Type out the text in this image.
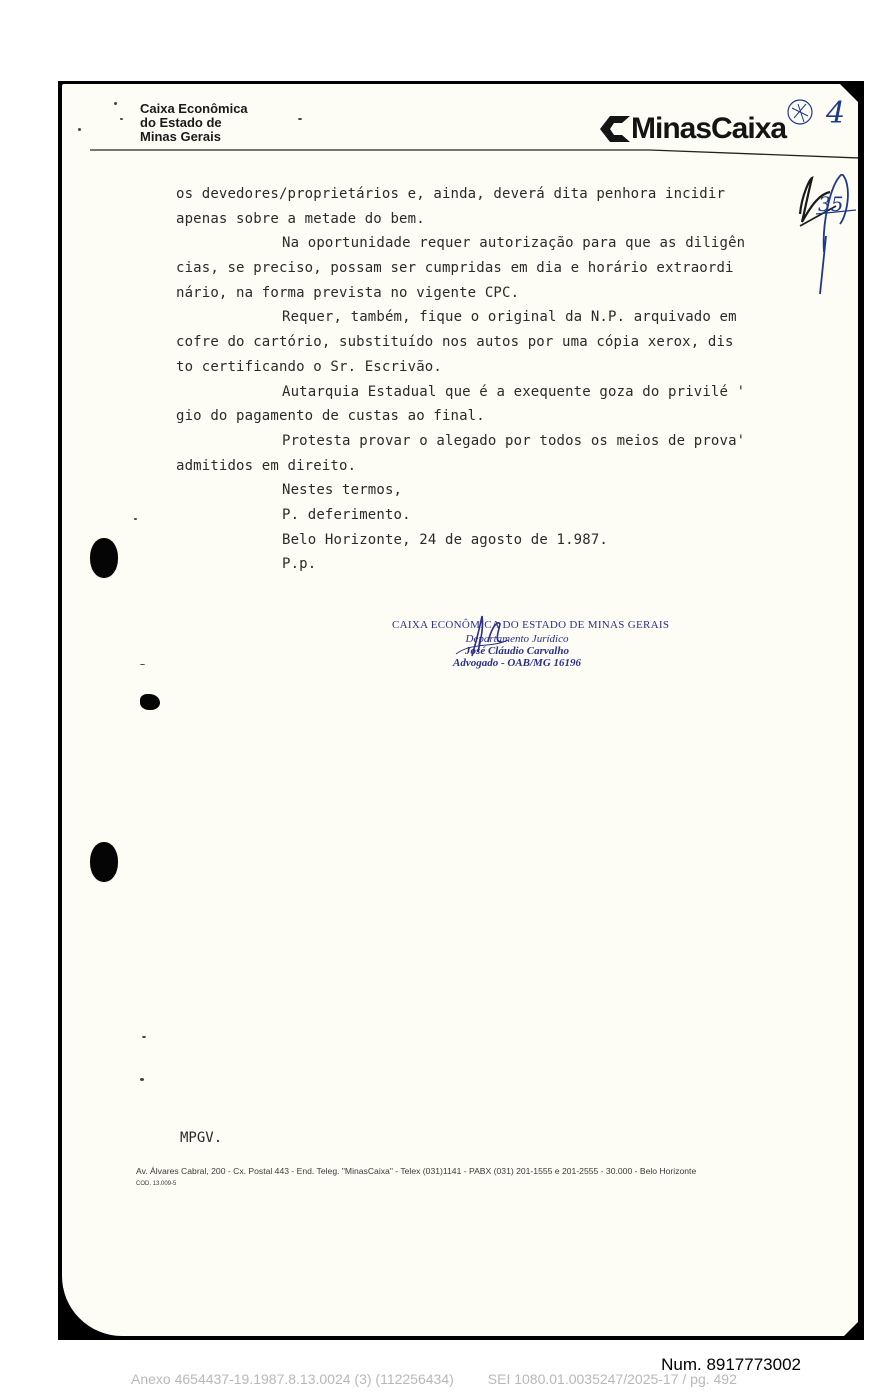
Caixa Econômica
do Estado de
Minas Gerais	MinasCaixa 4
35
os devedores/proprietários e, ainda, deverá dita penhora incidir
apenas sobre a metade do bem.
Na oportunidade requer autorização para que as diligên
cias, se preciso, possam ser cumpridas em dia e horário extraordi
nário, na forma prevista no vigente CPC.
Requer, também, fique o original da N.P. arquivado em
cofre do cartório, substituído nos autos por uma cópia xerox, dis
to certificando o Sr. Escrivão.
Autarquia Estadual que é a exequente goza do privilé '
gio do pagamento de custas ao final.
Protesta provar o alegado por todos os meios de prova'
admitidos em direito.
Nestes termos,
P. deferimento.
Belo Horizonte, 24 de agosto de 1.987.
P.p.
CAIXA ECONÔMICA DO ESTADO DE MINAS GERAIS
Departamento Jurídico
José Cláudio Carvalho
Advogado - OAB/MG 16196
MPGV.
Av. Álvares Cabral, 200 - Cx. Postal 443 - End. Teleg. "MinasCaixa" - Telex (031)1141 - PABX (031) 201-1555 e 201-2555 - 30.000 - Belo Horizonte
COD. 13.009-5
Num. 8917773002
Anexo 4654437-19.1987.8.13.0024 (3) (112256434) SEI 1080.01.0035247/2025-17 / pg. 492
